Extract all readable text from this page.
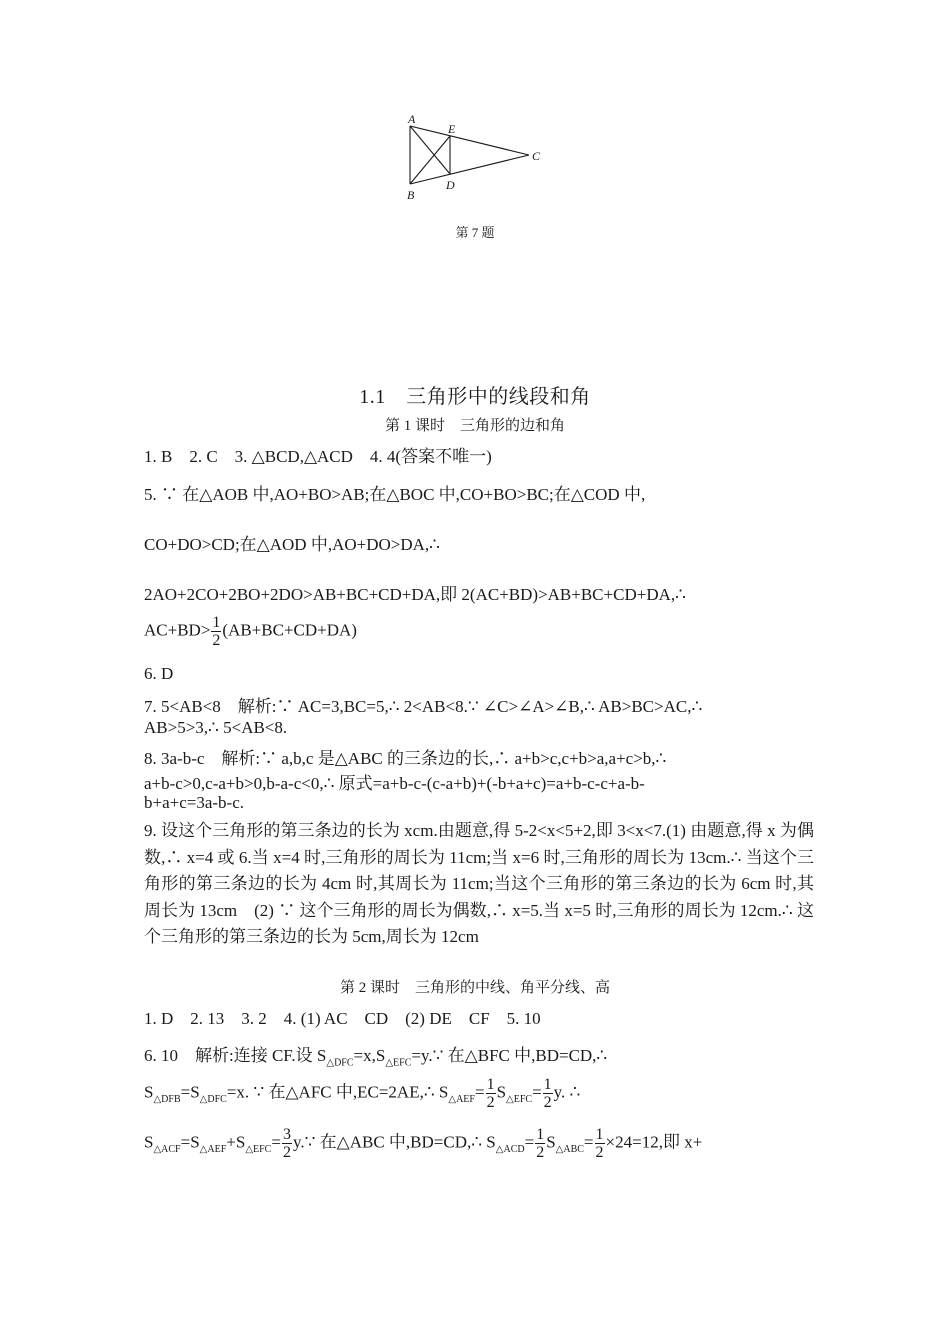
A
E
C
B
D
第 7 题
1.1　三角形中的线段和角
第 1 课时　三角形的边和角
1. B　2. C　3. △BCD,△ACD　4. 4(答案不唯一)
5. ∵ 在△AOB 中,AO+BO>AB;在△BOC 中,CO+BO>BC;在△COD 中,
CO+DO>CD;在△AOD 中,AO+DO>DA,∴
2AO+2CO+2BO+2DO>AB+BC+CD+DA,即 2(AC+BD)>AB+BC+CD+DA,∴
$AC+BD> \frac{1}{2} (AB+BC+CD+DA)$
6. D
7. 5<AB<8　解析:∵ AC=3,BC=5,∴ 2<AB<8.∵ ∠C>∠A>∠B,∴ AB>BC>AC,∴
AB>5>3,∴ 5<AB<8.
8. 3a-b-c　解析:∵ a,b,c 是△ABC 的三条边的长,∴ a+b>c,c+b>a,a+c>b,∴
a+b-c>0,c-a+b>0,b-a-c<0,∴ 原式=a+b-c-(c-a+b)+(-b+a+c)=a+b-c-c+a-b-
b+a+c=3a-b-c.
9. 设这个三角形的第三条边的长为 xcm.由题意,得 5-2<x<5+2,即 3<x<7.(1) 由题意,得 x 为偶数,∴ x=4 或 6.当 x=4 时,三角形的周长为 11cm;当 x=6 时,三角形的周长为 13cm.∴ 当这个三角形的第三条边的长为 4cm 时,其周长为 11cm;当这个三角形的第三条边的长为 6cm 时,其周长为 13cm　(2) ∵ 这个三角形的周长为偶数,∴ x=5.当 x=5 时,三角形的周长为 12cm.∴ 这个三角形的第三条边的长为 5cm,周长为 12cm
第 2 课时　三角形的中线、角平分线、高
1. D　2. 13　3. 2　4. (1) AC　CD　(2) DE　CF　5. 10
6. 10　解析:连接 CF.设 $S_{\triangle DFC}=x,S_{\triangle EFC}=y.\because$ 在△BFC 中,BD=CD,∴
$S_{\triangle DFB}=S_{\triangle DFC}=x$. ∵ 在△AFC 中,EC=2AE,∴ $S_{\triangle AEF}= \frac{1}{2} S_{\triangle EFC}= \frac{1}{2} y$. ∴
$S_{\triangle ACF}=S_{\triangle AEF}+S_{\triangle EFC}= \frac{3}{2}$ y.∵ 在△ABC 中,BD=CD,∴ $S_{\triangle ACD}= \frac{1}{2} S_{\triangle ABC}= \frac{1}{2} \times 24=12$,即 x+
